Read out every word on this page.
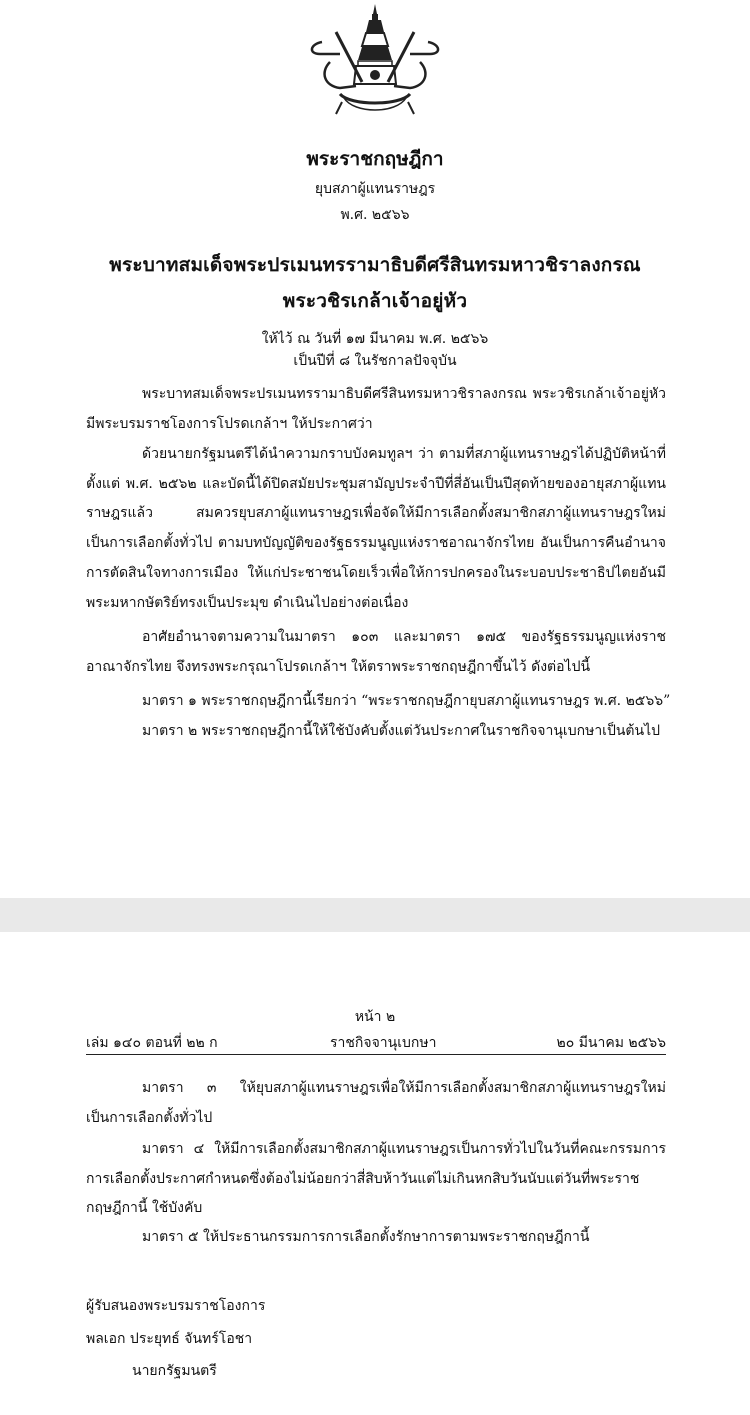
พระราชกฤษฎีกา
ยุบสภาผู้แทนราษฎร
พ.ศ. ๒๕๖๖
พระบาทสมเด็จพระปรเมนทรรามาธิบดีศรีสินทรมหาวชิราลงกรณ
พระวชิรเกล้าเจ้าอยู่หัว
ให้ไว้ ณ วันที่ ๑๗ มีนาคม พ.ศ. ๒๕๖๖
เป็นปีที่ ๘ ในรัชกาลปัจจุบัน
พระบาทสมเด็จพระปรเมนทรรามาธิบดีศรีสินทรมหาวชิราลงกรณ พระวชิรเกล้าเจ้าอยู่หัว มีพระบรมราชโองการโปรดเกล้าฯ ให้ประกาศว่า
ด้วยนายกรัฐมนตรีได้นำความกราบบังคมทูลฯ ว่า ตามที่สภาผู้แทนราษฎรได้ปฏิบัติหน้าที่ตั้งแต่ พ.ศ. ๒๕๖๒ และบัดนี้ได้ปิดสมัยประชุมสามัญประจำปีที่สี่อันเป็นปีสุดท้ายของอายุสภาผู้แทนราษฎรแล้ว สมควรยุบสภาผู้แทนราษฎรเพื่อจัดให้มีการเลือกตั้งสมาชิกสภาผู้แทนราษฎรใหม่เป็นการเลือกตั้งทั่วไป ตามบทบัญญัติของรัฐธรรมนูญแห่งราชอาณาจักรไทย อันเป็นการคืนอำนาจการตัดสินใจทางการเมือง ให้แก่ประชาชนโดยเร็วเพื่อให้การปกครองในระบอบประชาธิปไตยอันมีพระมหากษัตริย์ทรงเป็นประมุข ดำเนินไปอย่างต่อเนื่อง
อาศัยอำนาจตามความในมาตรา ๑๐๓ และมาตรา ๑๗๕ ของรัฐธรรมนูญแห่งราชอาณาจักรไทย จึงทรงพระกรุณาโปรดเกล้าฯ ให้ตราพระราชกฤษฎีกาขึ้นไว้ ดังต่อไปนี้
มาตรา ๑ พระราชกฤษฎีกานี้เรียกว่า “พระราชกฤษฎีกายุบสภาผู้แทนราษฎร พ.ศ. ๒๕๖๖”
มาตรา ๒ พระราชกฤษฎีกานี้ให้ใช้บังคับตั้งแต่วันประกาศในราชกิจจานุเบกษาเป็นต้นไป
หน้า ๒
เล่ม ๑๔๐ ตอนที่ ๒๒ ก	ราชกิจจานุเบกษา	๒๐ มีนาคม ๒๕๖๖
มาตรา ๓ ให้ยุบสภาผู้แทนราษฎรเพื่อให้มีการเลือกตั้งสมาชิกสภาผู้แทนราษฎรใหม่ เป็นการเลือกตั้งทั่วไป
มาตรา ๔ ให้มีการเลือกตั้งสมาชิกสภาผู้แทนราษฎรเป็นการทั่วไปในวันที่คณะกรรมการ การเลือกตั้งประกาศกำหนดซึ่งต้องไม่น้อยกว่าสี่สิบห้าวันแต่ไม่เกินหกสิบวันนับแต่วันที่พระราชกฤษฎีกานี้ ใช้บังคับ
มาตรา ๕ ให้ประธานกรรมการการเลือกตั้งรักษาการตามพระราชกฤษฎีกานี้
ผู้รับสนองพระบรมราชโองการ
พลเอก ประยุทธ์ จันทร์โอชา
นายกรัฐมนตรี
